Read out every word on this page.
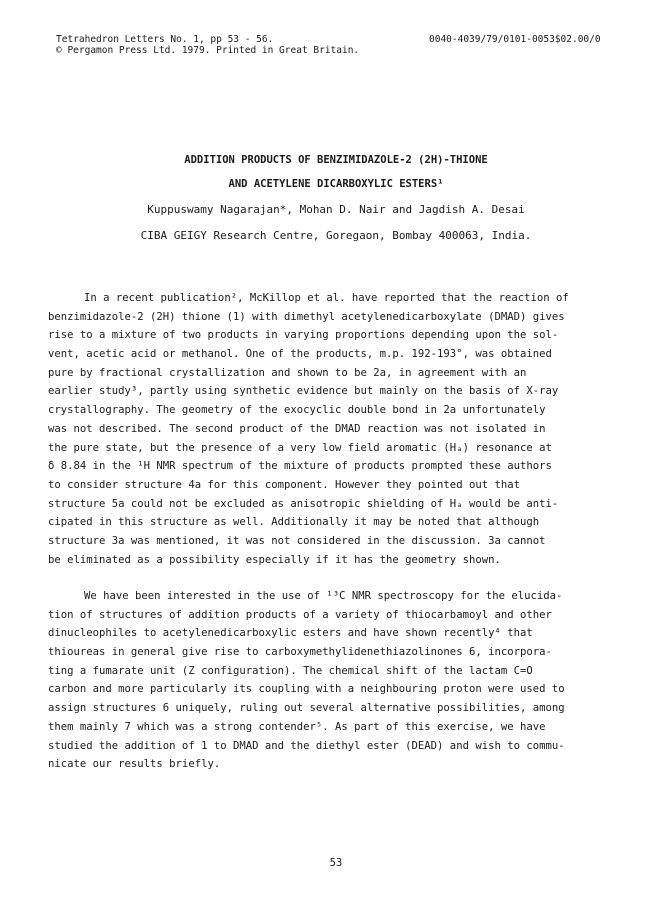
Tetrahedron Letters No. 1, pp 53 - 56.
© Pergamon Press Ltd. 1979. Printed in Great Britain.
0040-4039/79/0101-0053$02.00/0
ADDITION PRODUCTS OF BENZIMIDAZOLE-2 (2H)-THIONE
AND ACETYLENE DICARBOXYLIC ESTERS¹
Kuppuswamy Nagarajan*, Mohan D. Nair and Jagdish A. Desai
CIBA GEIGY Research Centre, Goregaon, Bombay 400063, India.
In a recent publication², McKillop et al. have reported that the reaction of
benzimidazole-2 (2H) thione (1) with dimethyl acetylenedicarboxylate (DMAD) gives
rise to a mixture of two products in varying proportions depending upon the sol-
vent, acetic acid or methanol. One of the products, m.p. 192-193°, was obtained
pure by fractional crystallization and shown to be 2a, in agreement with an
earlier study³, partly using synthetic evidence but mainly on the basis of X-ray
crystallography. The geometry of the exocyclic double bond in 2a unfortunately
was not described. The second product of the DMAD reaction was not isolated in
the pure state, but the presence of a very low field aromatic (Hₐ) resonance at
δ 8.84 in the ¹H NMR spectrum of the mixture of products prompted these authors
to consider structure 4a for this component. However they pointed out that
structure 5a could not be excluded as anisotropic shielding of Hₐ would be anti-
cipated in this structure as well. Additionally it may be noted that although
structure 3a was mentioned, it was not considered in the discussion. 3a cannot
be eliminated as a possibility especially if it has the geometry shown.
We have been interested in the use of ¹³C NMR spectroscopy for the elucida-
tion of structures of addition products of a variety of thiocarbamoyl and other
dinucleophiles to acetylenedicarboxylic esters and have shown recently⁴ that
thioureas in general give rise to carboxymethylidenethiazolinones 6, incorpora-
ting a fumarate unit (Z configuration). The chemical shift of the lactam C=O
carbon and more particularly its coupling with a neighbouring proton were used to
assign structures 6 uniquely, ruling out several alternative possibilities, among
them mainly 7 which was a strong contender⁵. As part of this exercise, we have
studied the addition of 1 to DMAD and the diethyl ester (DEAD) and wish to commu-
nicate our results briefly.
53
